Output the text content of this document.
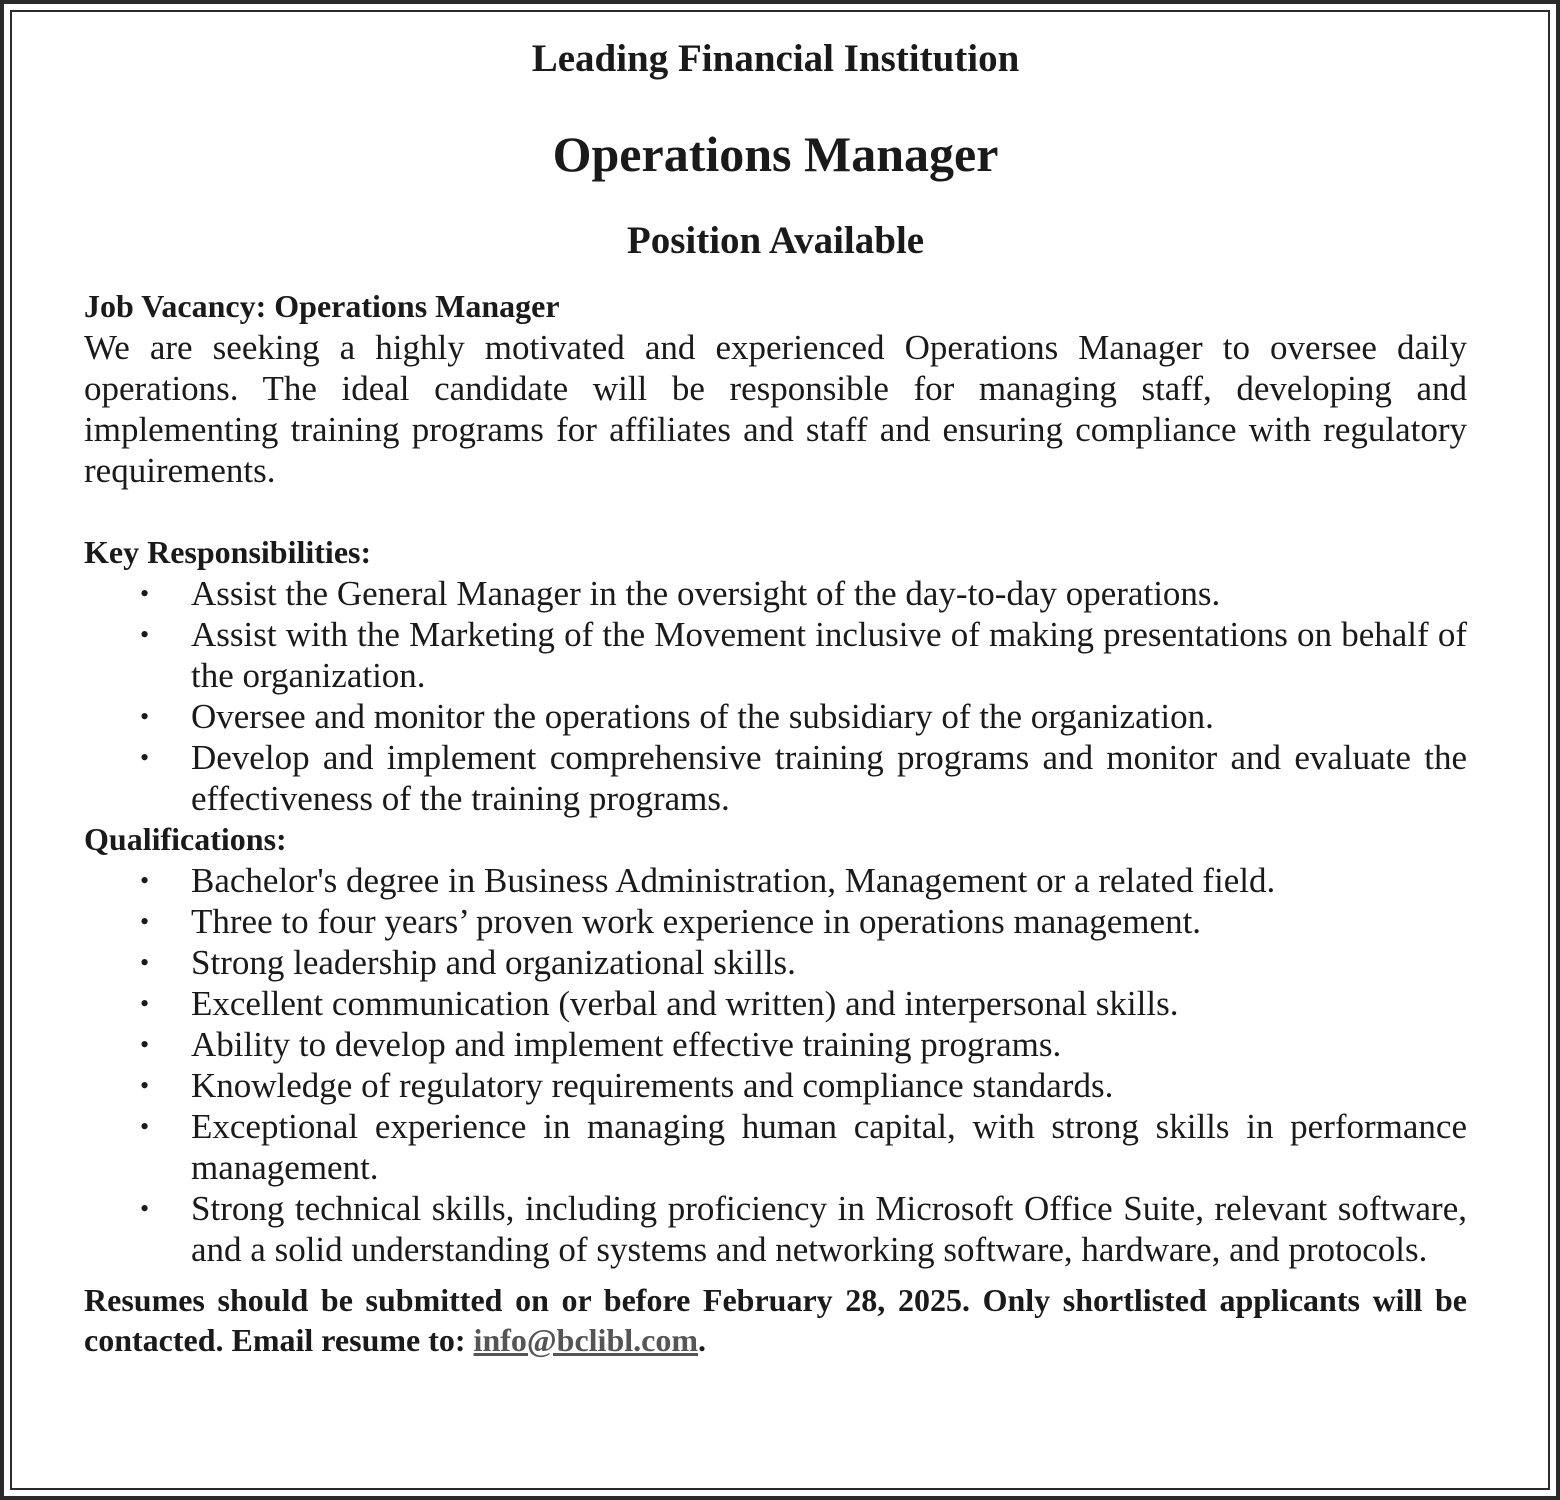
Leading Financial Institution
Operations Manager
Position Available
Job Vacancy: Operations Manager
We are seeking a highly motivated and experienced Operations Manager to oversee daily operations. The ideal candidate will be responsible for managing staff, developing and implementing training programs for affiliates and staff and ensuring compliance with regulatory requirements.
Key Responsibilities:
• Assist the General Manager in the oversight of the day-to-day operations.
• Assist with the Marketing of the Movement inclusive of making presentations on behalf of the organization.
• Oversee and monitor the operations of the subsidiary of the organization.
• Develop and implement comprehensive training programs and monitor and evaluate the effectiveness of the training programs.
Qualifications:
• Bachelor's degree in Business Administration, Management or a related field.
• Three to four years’ proven work experience in operations management.
• Strong leadership and organizational skills.
• Excellent communication (verbal and written) and interpersonal skills.
• Ability to develop and implement effective training programs.
• Knowledge of regulatory requirements and compliance standards.
• Exceptional experience in managing human capital, with strong skills in performance management.
• Strong technical skills, including proficiency in Microsoft Office Suite, relevant software, and a solid understanding of systems and networking software, hardware, and protocols.
Resumes should be submitted on or before February 28, 2025. Only shortlisted applicants will be contacted. Email resume to: info@bclibl.com.
